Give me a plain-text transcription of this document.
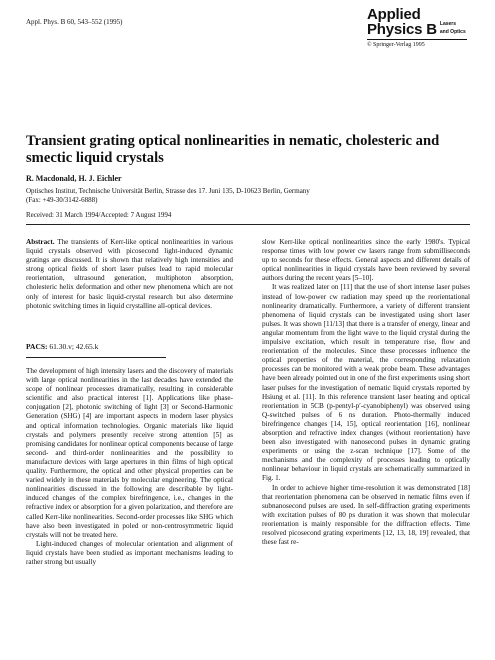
Appl. Phys. B 60, 543–552 (1995)	Applied
Physics B Lasers
and Optics
© Springer-Verlag 1995
Transient grating optical nonlinearities in nematic, cholesteric and smectic liquid crystals
R. Macdonald, H. J. Eichler
Optisches Institut, Technische Universität Berlin, Strasse des 17. Juni 135, D-10623 Berlin, Germany
(Fax: +49-30/3142-6888)
Received: 31 March 1994/Accepted: 7 August 1994

Abstract. The transients of Kerr-like optical nonlinearities in various liquid crystals observed with picosecond light-induced dynamic gratings are discussed. It is shown that relatively high intensities and strong optical fields of short laser pulses lead to rapid molecular reorientation, ultrasound generation, multiphoton absorption, cholesteric helix deformation and other new phenomena which are not only of interest for basic liquid-crystal research but also determine photonic switching times in liquid crystalline all-optical devices.

PACS: 61.30.v; 42.65.k

The development of high intensity lasers and the discovery of materials with large optical nonlinearities in the last decades have extended the scope of nonlinear processes dramatically, resulting in considerable scientific and also practical interest [1]. Applications like phase-conjugation [2], photonic switching of light [3] or Second-Harmonic Generation (SHG) [4] are important aspects in modern laser physics and optical information technologies. Organic materials like liquid crystals and polymers presently receive strong attention [5] as promising candidates for nonlinear optical components because of large second- and third-order nonlinearities and the possibility to manufacture devices with large apertures in thin films of high optical quality. Furthermore, the optical and other physical properties can be varied widely in these materials by molecular engineering. The optical nonlinearities discussed in the following are describable by light-induced changes of the complex birefringence, i.e., changes in the refractive index or absorption for a given polarization, and therefore are called Kerr-like nonlinearities. Second-order processes like SHG which have also been investigated in poled or non-centrosymmetric liquid crystals will not be treated here.

Light-induced changes of molecular orientation and alignment of liquid crystals have been studied as important mechanisms leading to rather strong but usually

slow Kerr-like optical nonlinearities since the early 1980's. Typical response times with low power cw lasers range from submilliseconds up to seconds for these effects. General aspects and different details of optical nonlinearities in liquid crystals have been reviewed by several authors during the recent years [5–10].

It was realized later on [11] that the use of short intense laser pulses instead of low-power cw radiation may speed up the reorientational nonlinearity dramatically. Furthermore, a variety of different transient phenomena of liquid crystals can be investigated using short laser pulses. It was shown [11/13] that there is a transfer of energy, linear and angular momentum from the light wave to the liquid crystal during the impulsive excitation, which result in temperature rise, flow and reorientation of the molecules. Since these processes influence the optical properties of the material, the corresponding relaxation processes can be monitored with a weak probe beam. These advantages have been already pointed out in one of the first experiments using short laser pulses for the investigation of nematic liquid crystals reported by Hsiung et al. [11]. In this reference transient laser heating and optical reorientation in 5CB (p-pentyl-p′-cyanobiphenyl) was observed using Q-switched pulses of 6 ns duration. Photo-thermally induced birefringence changes [14, 15], optical reorientation [16], nonlinear absorption and refractive index changes (without reorientation) have been also investigated with nanosecond pulses in dynamic grating experiments or using the z-scan technique [17]. Some of the mechanisms and the complexity of processes leading to optically nonlinear behaviour in liquid crystals are schematically summarized in Fig. 1.

In order to achieve higher time-resolution it was demonstrated [18] that reorientation phenomena can be observed in nematic films even if subnanosecond pulses are used. In self-diffraction grating experiments with excitation pulses of 80 ps duration it was shown that molecular reorientation is mainly responsible for the diffraction effects. Time resolved picosecond grating experiments [12, 13, 18, 19] revealed, that these fast re-
